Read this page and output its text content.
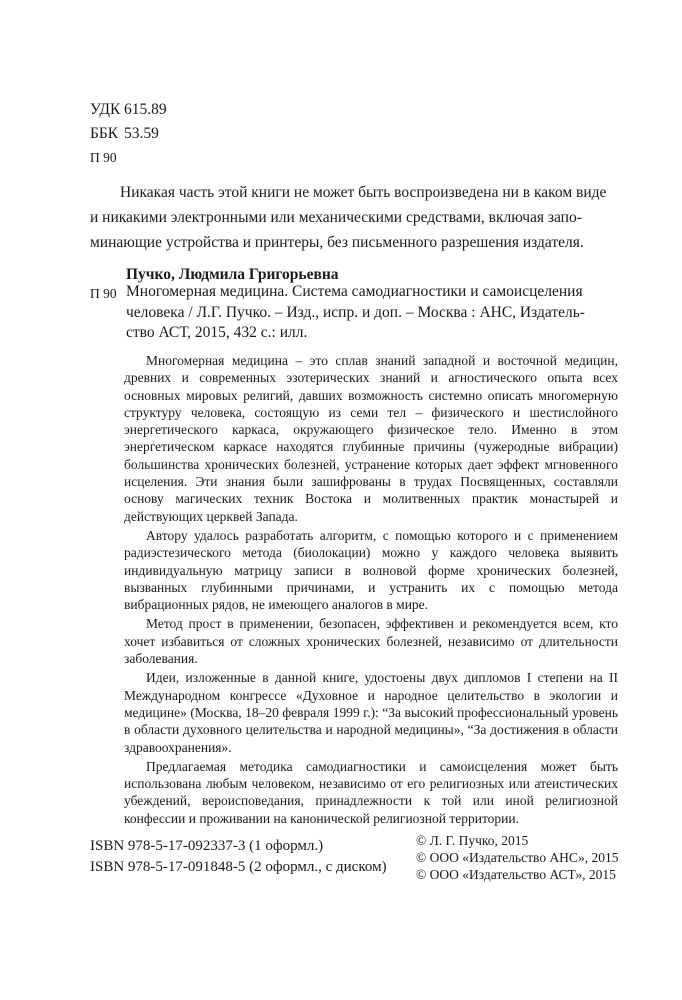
УДК 615.89
ББК 53.59
П 90
Никакая часть этой книги не может быть воспроизведена ни в каком виде
и никакими электронными или механическими средствами, включая запо-
минающие устройства и принтеры, без письменного разрешения издателя.
Пучко, Людмила Григорьевна
П 90 Многомерная медицина. Система самодиагностики и самоисцеления
человека / Л.Г. Пучко. – Изд., испр. и доп. – Москва : АНС, Издатель-
ство АСТ, 2015, 432 с.: илл.

Многомерная медицина – это сплав знаний западной и восточной медицин, древних и современных эзотерических знаний и агностического опыта всех основных мировых религий, давших возможность системно описать многомерную структуру человека, состоящую из семи тел – физического и шестислойного энергетического каркаса, окружающего физическое тело. Именно в этом энергетическом каркасе находятся глубинные причины (чужеродные вибрации) большинства хронических болезней, устранение которых дает эффект мгновенного исцеления. Эти знания были зашифрованы в трудах Посвященных, составляли основу магических техник Востока и молитвенных практик монастырей и действующих церквей Запада.

Автору удалось разработать алгоритм, с помощью которого и с применением радиэстезического метода (биолокации) можно у каждого человека выявить индивидуальную матрицу записи в волновой форме хронических болезней, вызванных глубинными причинами, и устранить их с помощью метода вибрационных рядов, не имеющего аналогов в мире.

Метод прост в применении, безопасен, эффективен и рекомендуется всем, кто хочет избавиться от сложных хронических болезней, независимо от длительности заболевания.

Идеи, изложенные в данной книге, удостоены двух дипломов I степени на II Международном конгрессе «Духовное и народное целительство в экологии и медицине» (Москва, 18–20 февраля 1999 г.): “За высокий профессиональный уровень в области духовного целительства и народной медицины», “За достижения в области здравоохранения».

Предлагаемая методика самодиагностики и самоисцеления может быть использована любым человеком, независимо от его религиозных или атеистических убеждений, вероисповедания, принадлежности к той или иной религиозной конфессии и проживании на канонической религиозной территории.

ISBN 978-5-17-092337-3 (1 оформл.)
ISBN 978-5-17-091848-5 (2 оформл., с диском)
© Л. Г. Пучко, 2015
© ООО «Издательство АНС», 2015
© ООО «Издательство АСТ», 2015
